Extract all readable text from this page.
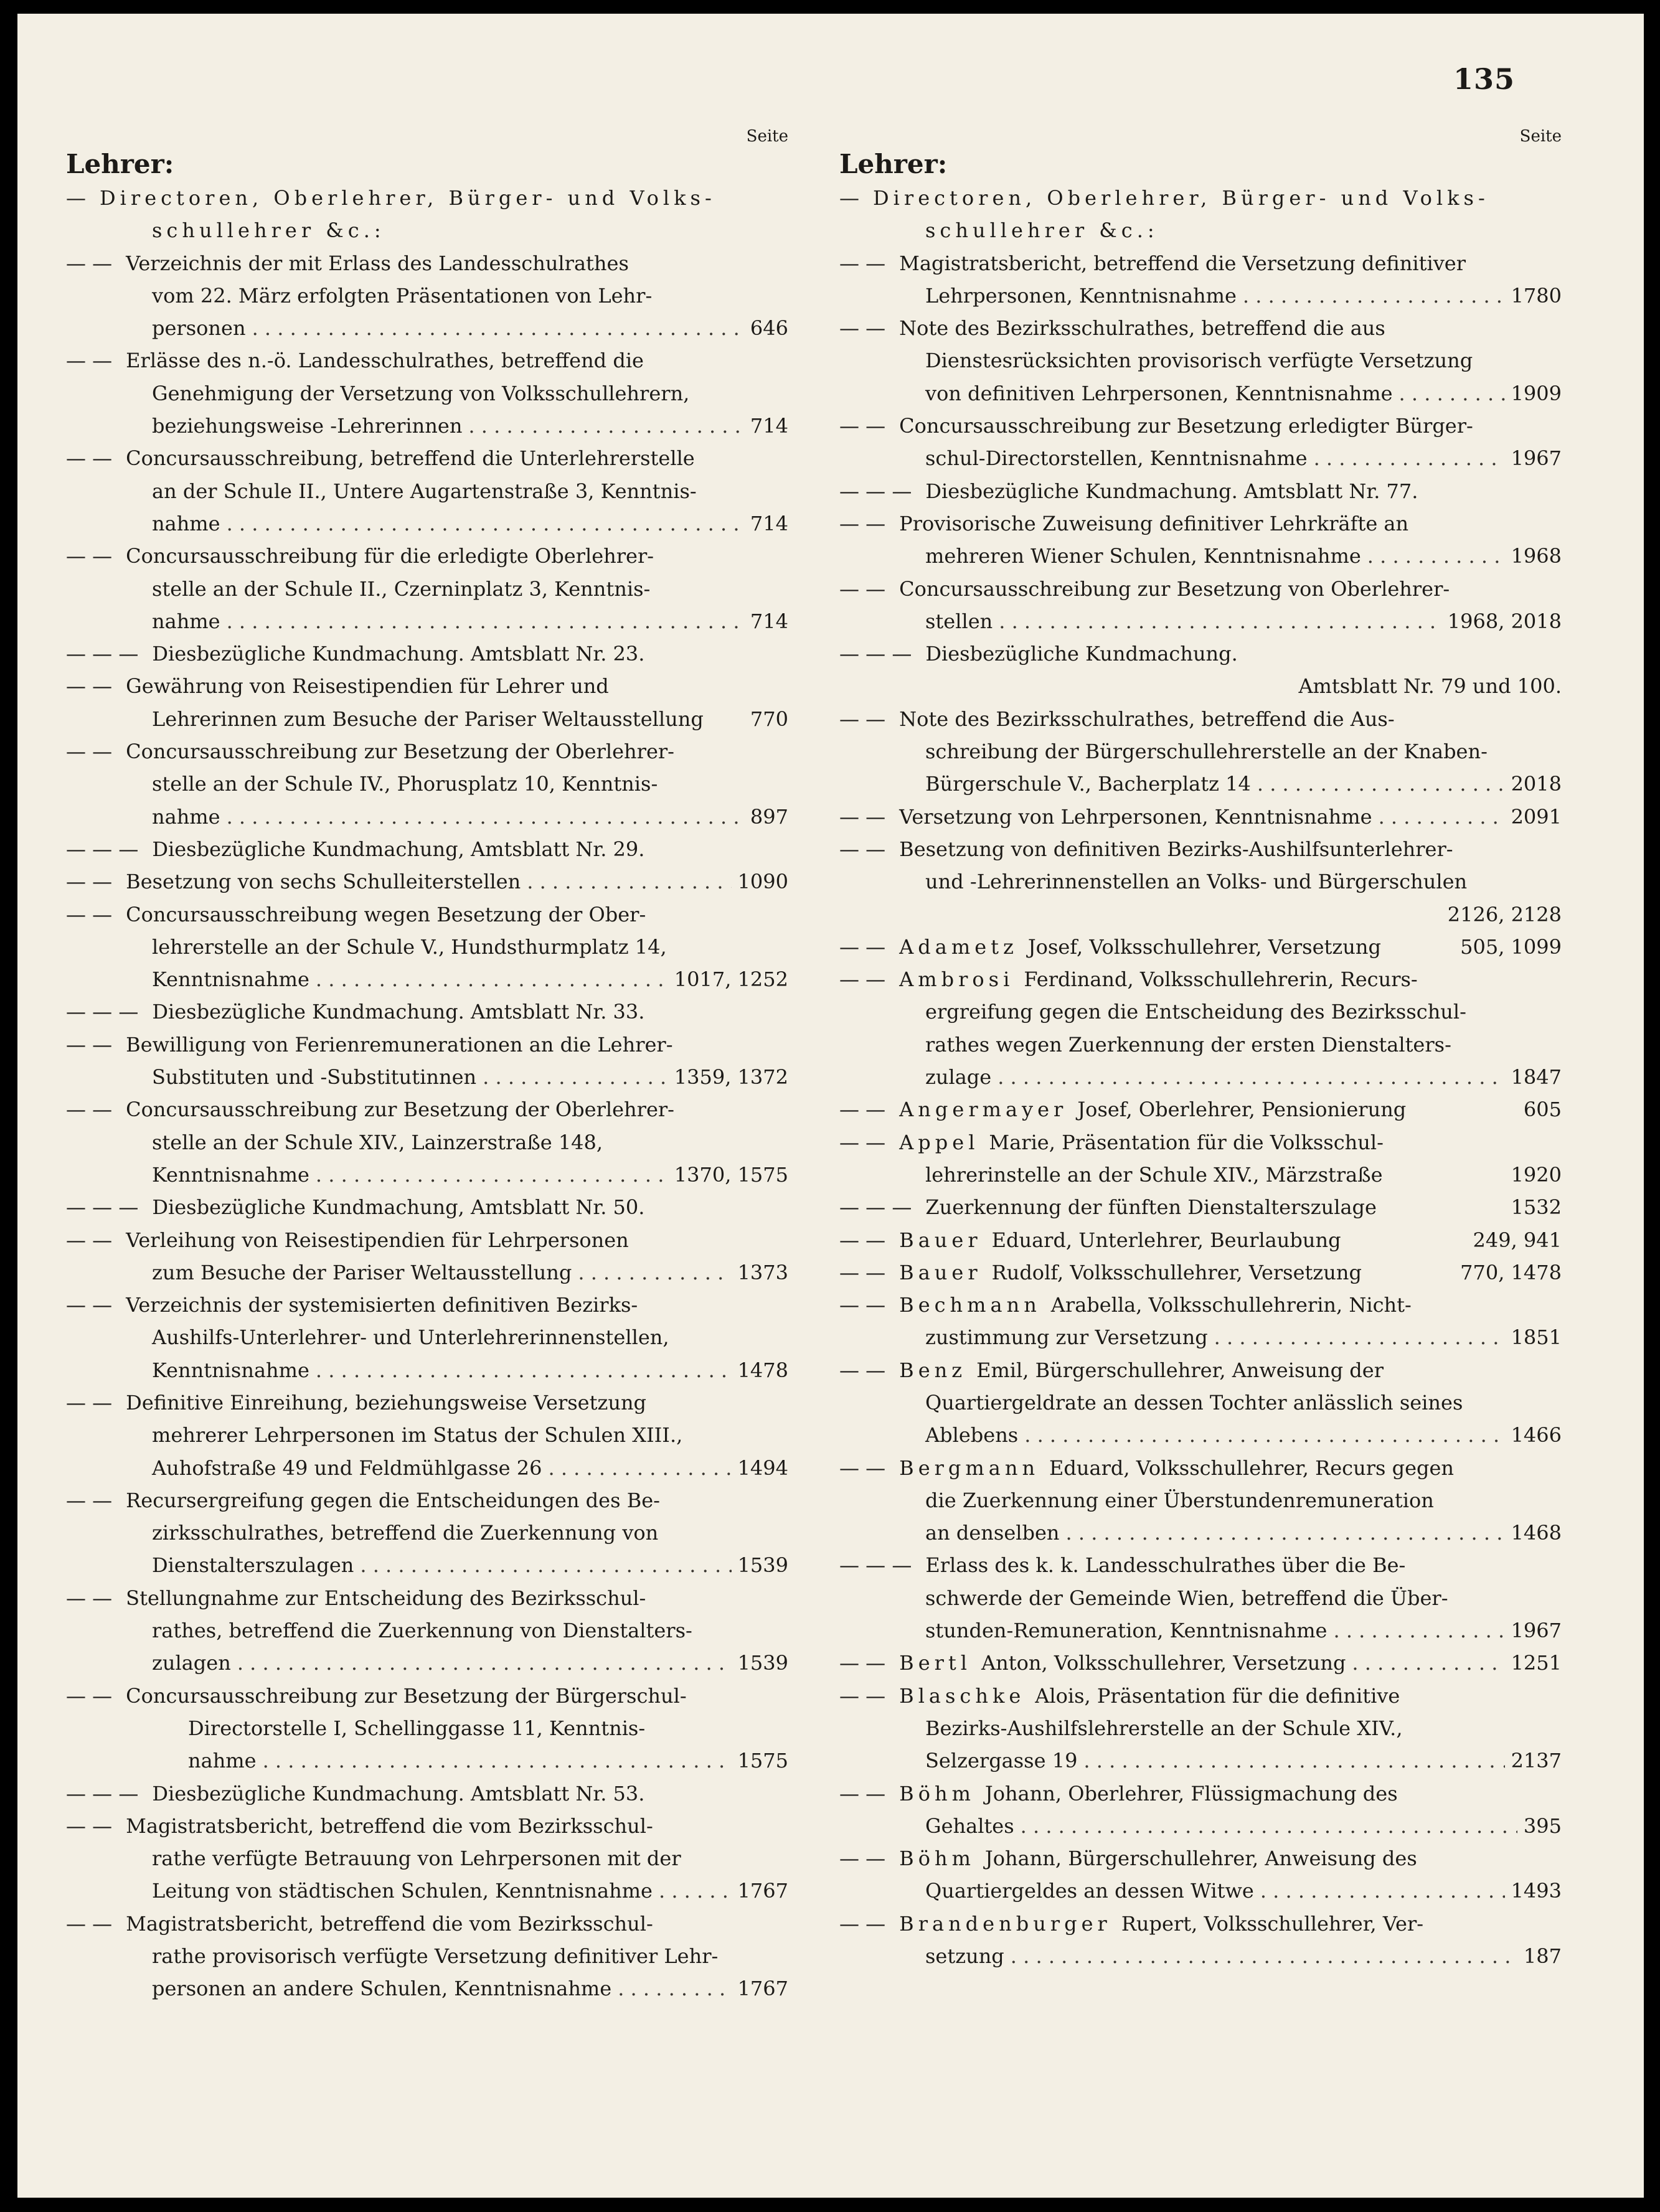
135
Seite
Lehrer:
— Directoren, Oberlehrer, Bürger- und Volks-
schullehrer &c.:
— — Verzeichnis der mit Erlass des Landesschulrathes
vom 22. März erfolgten Präsentationen von Lehr-
personen . . .	646
— — Erlässe des n.-ö. Landesschulrathes, betreffend die
Genehmigung der Versetzung von Volksschullehrern,
beziehungsweise -Lehrerinnen . . .	714
— — Concursausschreibung, betreffend die Unterlehrerstelle
an der Schule II., Untere Augartenstraße 3, Kenntnis-
nahme . . .	714
— — Concursausschreibung für die erledigte Oberlehrer-
stelle an der Schule II., Czerninplatz 3, Kenntnis-
nahme . . .	714
— — — Diesbezügliche Kundmachung. Amtsblatt Nr. 23.
— — Gewährung von Reisestipendien für Lehrer und
Lehrerinnen zum Besuche der Pariser Weltausstellung 770
— — Concursausschreibung zur Besetzung der Oberlehrer-
stelle an der Schule IV., Phorusplatz 10, Kenntnis-
nahme . . .	897
— — — Diesbezügliche Kundmachung, Amtsblatt Nr. 29.
— — Besetzung von sechs Schulleiterstellen . . .	1090
— — Concursausschreibung wegen Besetzung der Ober-
lehrerstelle an der Schule V., Hundsthurmplatz 14,
Kenntnisnahme . . .	1017, 1252
— — — Diesbezügliche Kundmachung. Amtsblatt Nr. 33.
— — Bewilligung von Ferienremunerationen an die Lehrer-
Substituten und -Substitutinnen . . .	1359, 1372
— — Concursausschreibung zur Besetzung der Oberlehrer-
stelle an der Schule XIV., Lainzerstraße 148,
Kenntnisnahme . . .	1370, 1575
— — — Diesbezügliche Kundmachung, Amtsblatt Nr. 50.
— — Verleihung von Reisestipendien für Lehrpersonen
zum Besuche der Pariser Weltausstellung . . .	1373
— — Verzeichnis der systemisierten definitiven Bezirks-
Aushilfs-Unterlehrer- und Unterlehrerinnenstellen,
Kenntnisnahme . . .	1478
— — Definitive Einreihung, beziehungsweise Versetzung
mehrerer Lehrpersonen im Status der Schulen XIII.,
Auhofstraße 49 und Feldmühlgasse 26 . . .	1494
— — Recursergreifung gegen die Entscheidungen des Be-
zirksschulrathes, betreffend die Zuerkennung von
Dienstalterszulagen . . .	1539
— — Stellungnahme zur Entscheidung des Bezirksschul-
rathes, betreffend die Zuerkennung von Dienstalters-
zulagen . . .	1539
— — Concursausschreibung zur Besetzung der Bürgerschul-
Directorstelle I, Schellinggasse 11, Kenntnis-
nahme . . .	1575
— — — Diesbezügliche Kundmachung. Amtsblatt Nr. 53.
— — Magistratsbericht, betreffend die vom Bezirksschul-
rathe verfügte Betrauung von Lehrpersonen mit der
Leitung von städtischen Schulen, Kenntnisnahme . . .	1767
— — Magistratsbericht, betreffend die vom Bezirksschul-
rathe provisorisch verfügte Versetzung definitiver Lehr-
personen an andere Schulen, Kenntnisnahme . . .	1767
Seite
Lehrer:
— Directoren, Oberlehrer, Bürger- und Volks-
schullehrer &c.:
— — Magistratsbericht, betreffend die Versetzung definitiver
Lehrpersonen, Kenntnisnahme . . .	1780
— — Note des Bezirksschulrathes, betreffend die aus
Dienstesrücksichten provisorisch verfügte Versetzung
von definitiven Lehrpersonen, Kenntnisnahme . . .	1909
— — Concursausschreibung zur Besetzung erledigter Bürger-
schul-Directorstellen, Kenntnisnahme . . .	1967
— — — Diesbezügliche Kundmachung. Amtsblatt Nr. 77.
— — Provisorische Zuweisung definitiver Lehrkräfte an
mehreren Wiener Schulen, Kenntnisnahme . . .	1968
— — Concursausschreibung zur Besetzung von Oberlehrer-
stellen . . .	1968, 2018
— — — Diesbezügliche Kundmachung.
Amtsblatt Nr. 79 und 100.
— — Note des Bezirksschulrathes, betreffend die Aus-
schreibung der Bürgerschullehrerstelle an der Knaben-
Bürgerschule V., Bacherplatz 14 . . .	2018
— — Versetzung von Lehrpersonen, Kenntnisnahme . . .	2091
— — Besetzung von definitiven Bezirks-Aushilfsunterlehrer-
und -Lehrerinnenstellen an Volks- und Bürgerschulen
2126, 2128
— — Adametz Josef, Volksschullehrer, Versetzung	505, 1099
— — Ambrosi Ferdinand, Volksschullehrerin, Recurs-
ergreifung gegen die Entscheidung des Bezirksschul-
rathes wegen Zuerkennung der ersten Dienstalters-
zulage . . .	1847
— — Angermayer Josef, Oberlehrer, Pensionierung	605
— — Appel Marie, Präsentation für die Volksschul-
lehrerinstelle an der Schule XIV., Märzstraße	1920
— — — Zuerkennung der fünften Dienstalterszulage	1532
— — Bauer Eduard, Unterlehrer, Beurlaubung	249, 941
— — Bauer Rudolf, Volksschullehrer, Versetzung	770, 1478
— — Bechmann Arabella, Volksschullehrerin, Nicht-
zustimmung zur Versetzung . . .	1851
— — Benz Emil, Bürgerschullehrer, Anweisung der
Quartiergeldrate an dessen Tochter anlässlich seines
Ablebens . . .	1466
— — Bergmann Eduard, Volksschullehrer, Recurs gegen
die Zuerkennung einer Überstundenremuneration
an denselben . . .	1468
— — — Erlass des k. k. Landesschulrathes über die Be-
schwerde der Gemeinde Wien, betreffend die Über-
stunden-Remuneration, Kenntnisnahme . . .	1967
— — Bertl Anton, Volksschullehrer, Versetzung . . .	1251
— — Blaschke Alois, Präsentation für die definitive
Bezirks-Aushilfslehrerstelle an der Schule XIV.,
Selzergasse 19 . . .	2137
— — Böhm Johann, Oberlehrer, Flüssigmachung des
Gehaltes . . .	395
— — Böhm Johann, Bürgerschullehrer, Anweisung des
Quartiergeldes an dessen Witwe . . .	1493
— — Brandenburger Rupert, Volksschullehrer, Ver-
setzung . . .	187
